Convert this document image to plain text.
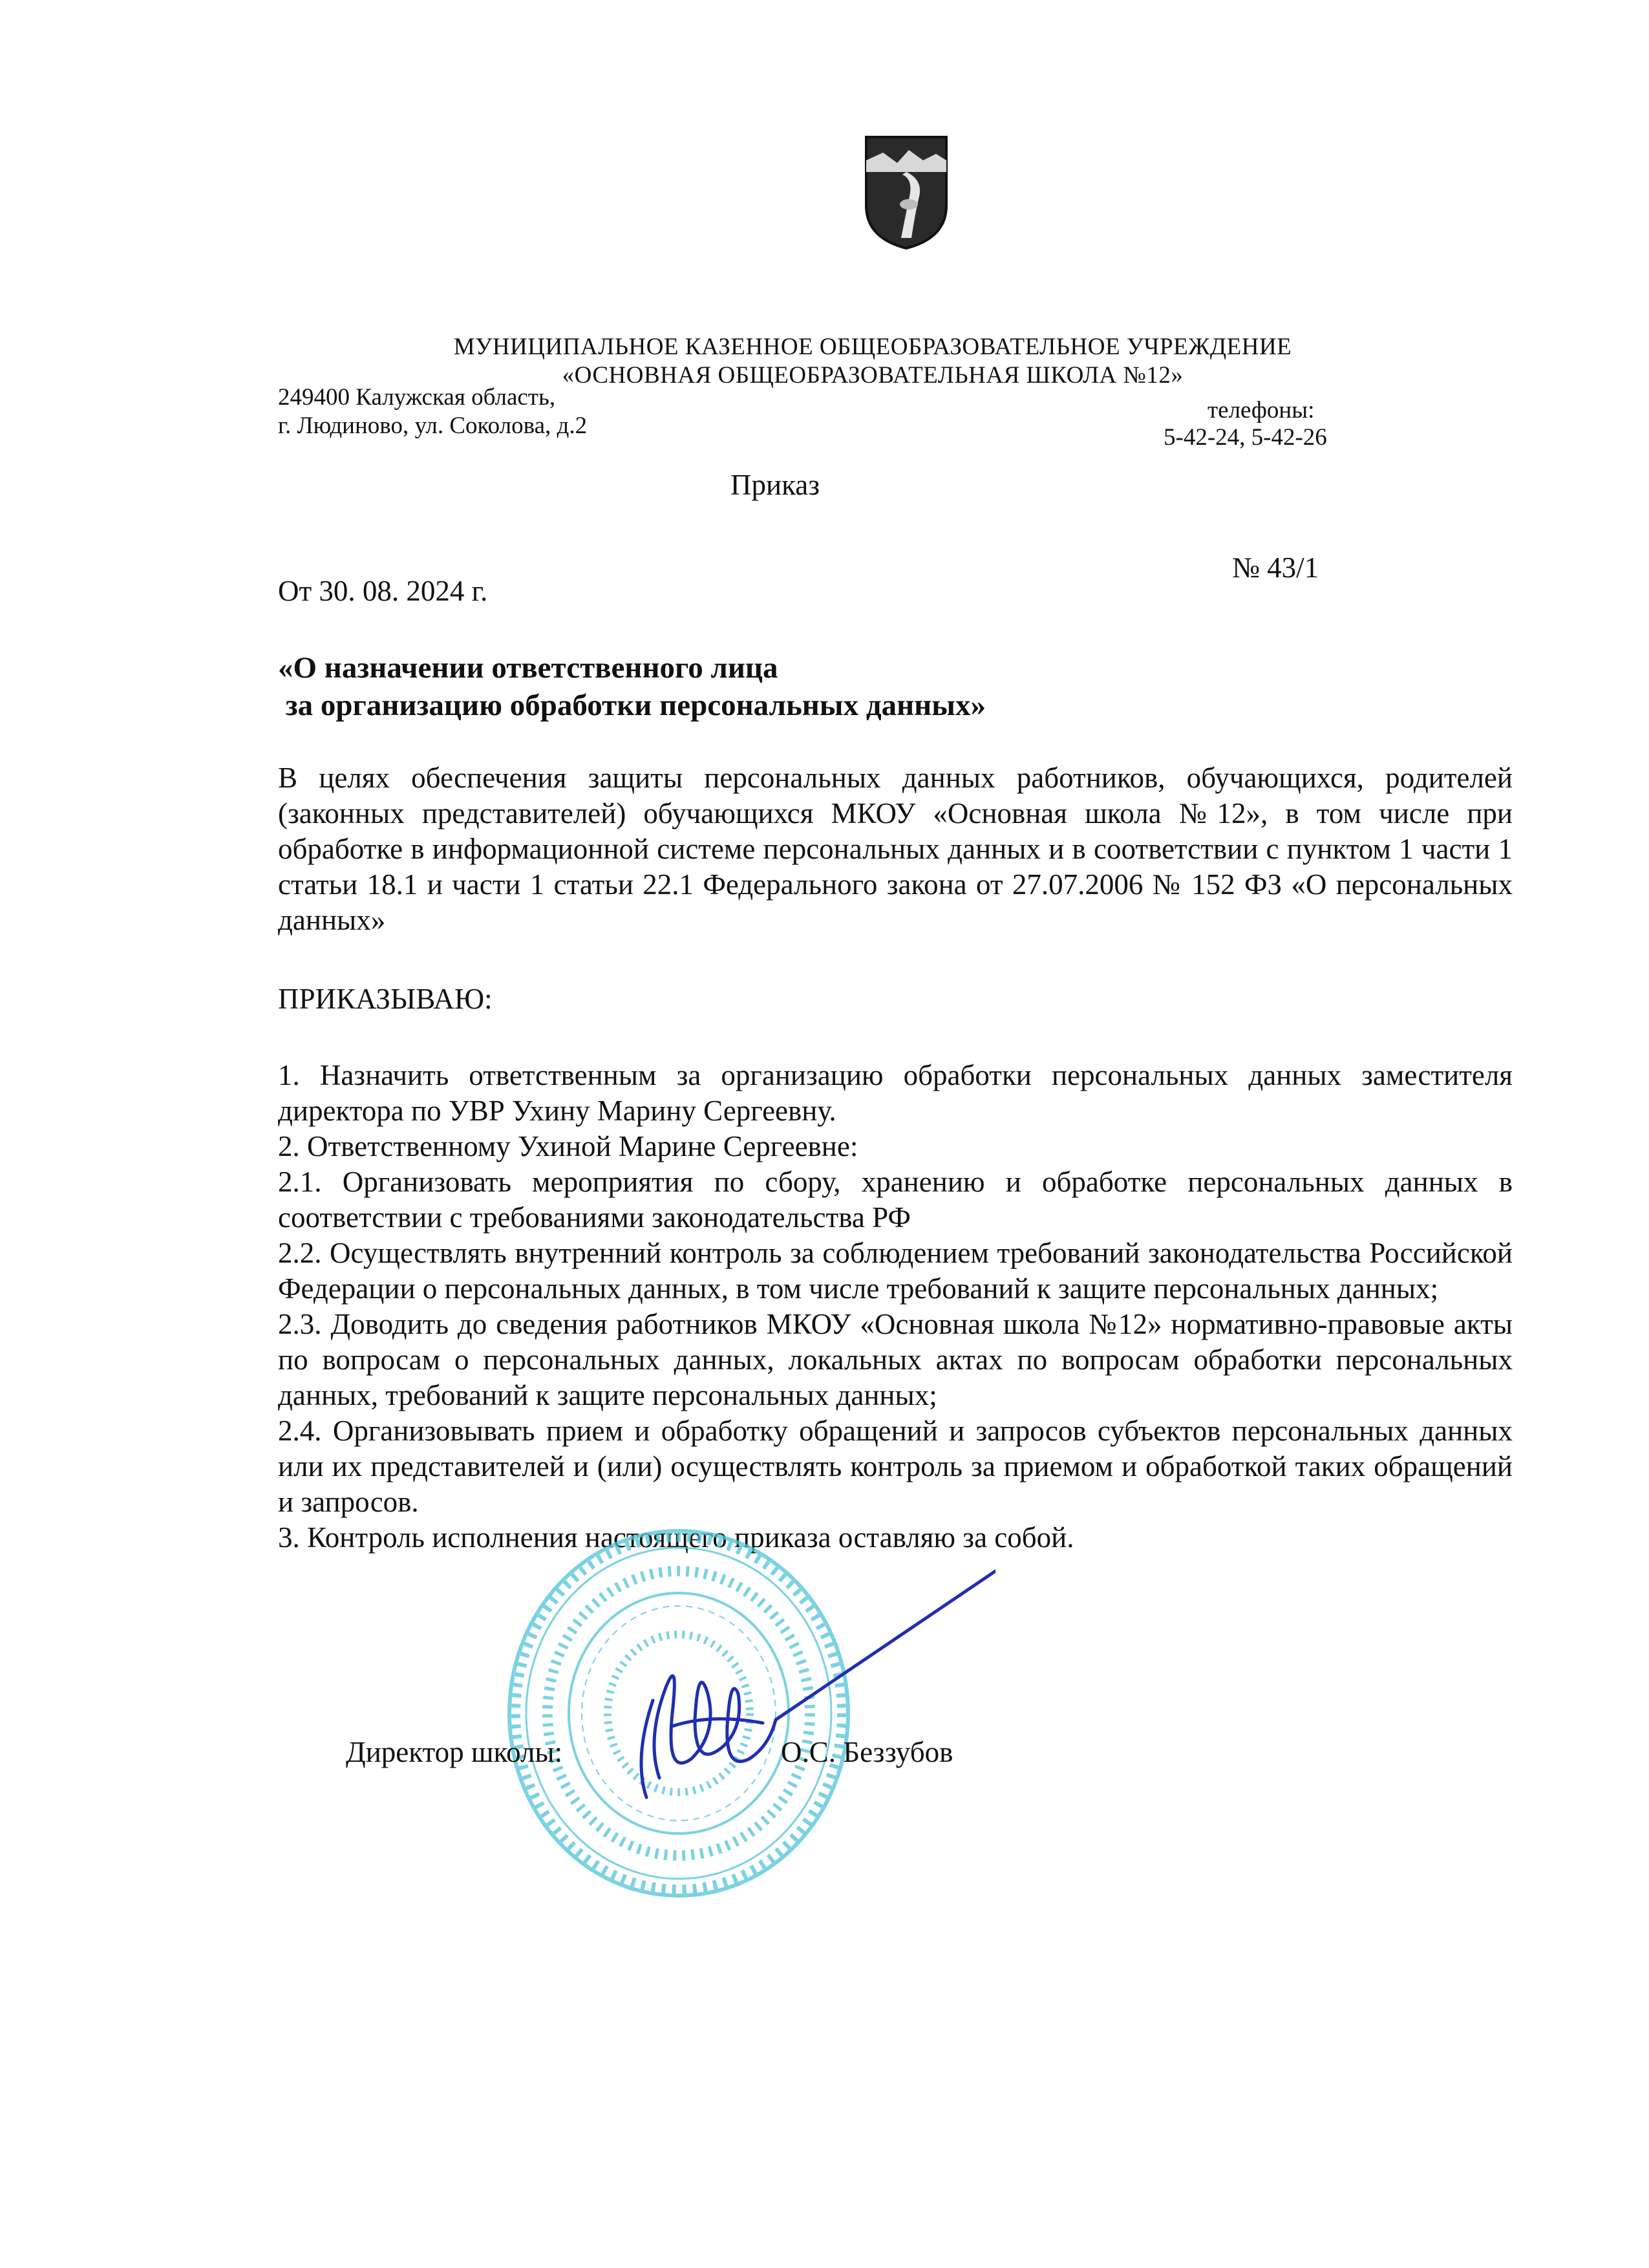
МУНИЦИПАЛЬНОЕ КАЗЕННОЕ ОБЩЕОБРАЗОВАТЕЛЬНОЕ УЧРЕЖДЕНИЕ
«ОСНОВНАЯ ОБЩЕОБРАЗОВАТЕЛЬНАЯ ШКОЛА №12»
249400 Калужская область,
г. Людиново, ул. Соколова, д.2
телефоны:
5-42-24, 5-42-26
Приказ
№ 43/1
От 30. 08. 2024 г.
«О назначении ответственного лица
за организацию обработки персональных данных»

В целях обеспечения защиты персональных данных работников, обучающихся, родителей (законных представителей) обучающихся МКОУ «Основная школа №12», в том числе при обработке в информационной системе персональных данных и в соответствии с пунктом 1 части 1 статьи 18.1 и части 1 статьи 22.1 Федерального закона от 27.07.2006 № 152 ФЗ «О персональных данных»

ПРИКАЗЫВАЮ:

1. Назначить ответственным за организацию обработки персональных данных заместителя директора по УВР Ухину Марину Сергеевну.

2. Ответственному Ухиной Марине Сергеевне:

2.1. Организовать мероприятия по сбору, хранению и обработке персональных данных в соответствии с требованиями законодательства РФ

2.2. Осуществлять внутренний контроль за соблюдением требований законодательства Российской Федерации о персональных данных, в том числе требований к защите персональных данных;

2.3. Доводить до сведения работников МКОУ «Основная школа №12» нормативно-правовые акты по вопросам о персональных данных, локальных актах по вопросам обработки персональных данных, требований к защите персональных данных;

2.4. Организовывать прием и обработку обращений и запросов субъектов персональных данных или их представителей и (или) осуществлять контроль за приемом и обработкой таких обращений и запросов.

3. Контроль исполнения настоящего приказа оставляю за собой.

Директор школы:	О.С. Беззубов
